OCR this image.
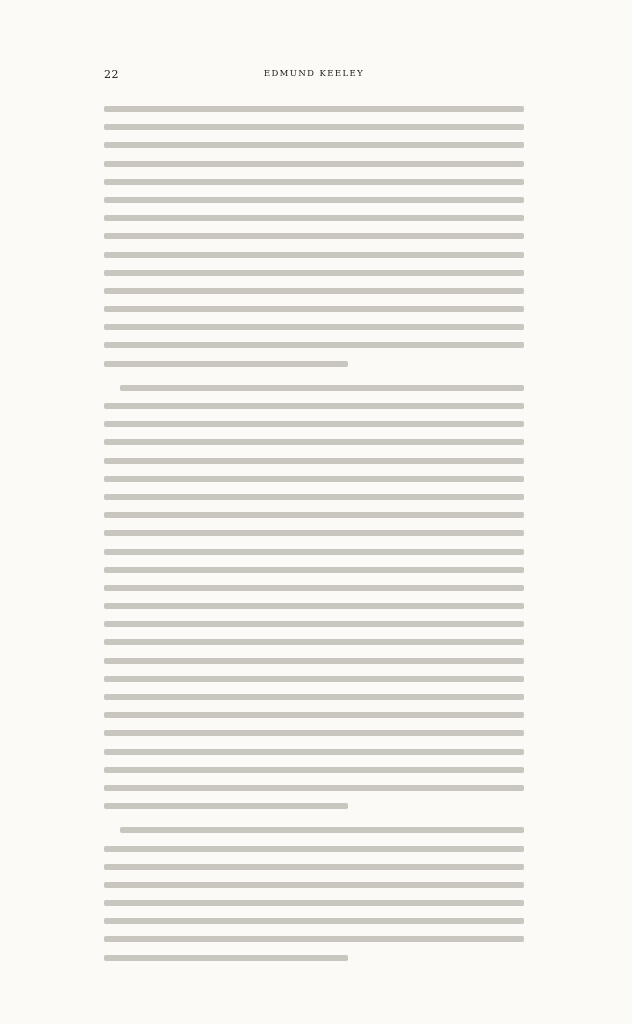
22	EDMUND KEELEY
